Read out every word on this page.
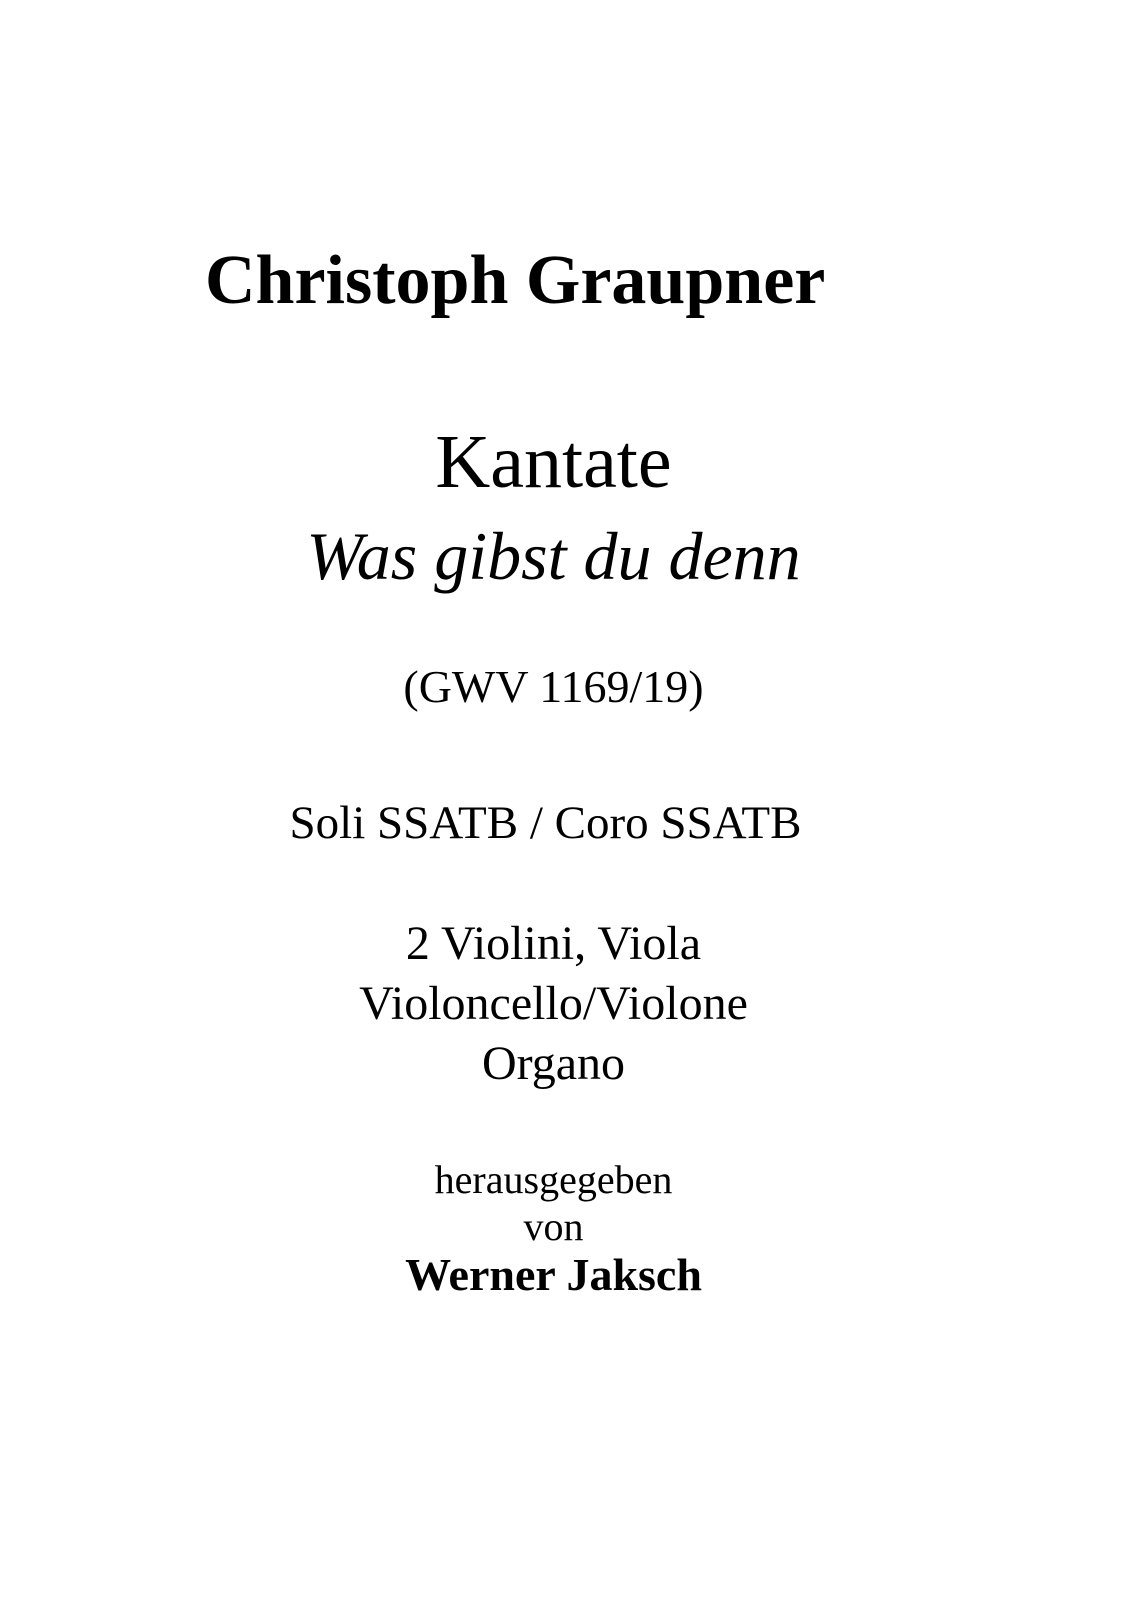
Christoph Graupner
Kantate
Was gibst du denn
(GWV 1169/19)
Soli SSATB / Coro SSATB
2 Violini, Viola
Violoncello/Violone
Organo
herausgegeben
von
Werner Jaksch
